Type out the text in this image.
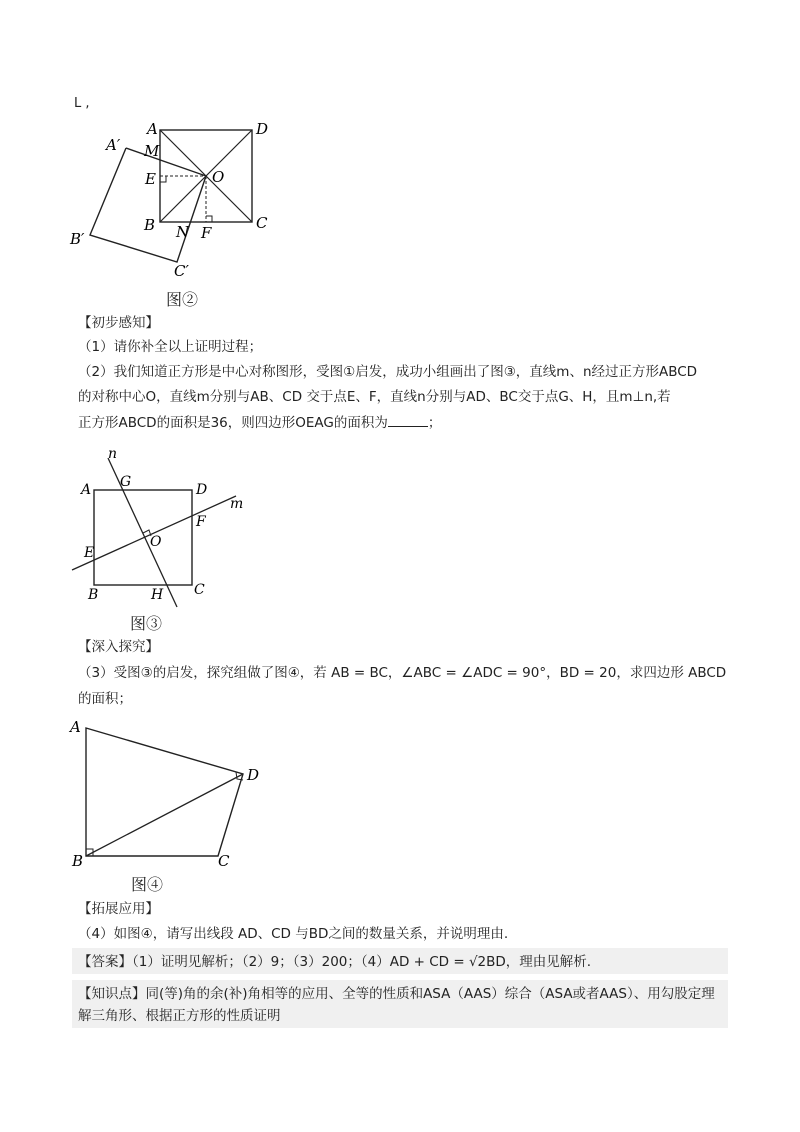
L ,
A	D
A′ M
E	O
B N F
C
B′
C′
图②
【初步感知】
（1）请你补全以上证明过程；
（2）我们知道正方形是中心对称图形，受图①启发，成功小组画出了图③，直线m、n经过正方形ABCD
的对称中心O，直线m分别与AB、CD 交于点E、F，直线n分别与AD、BC交于点G、H，且m⊥n,若
正方形ABCD的面积是36，则四边形OEAG的面积为	；
n
A G	D
m
F
O
E
B	H C
图③
【深入探究】
（3）受图③的启发，探究组做了图④，若 AB = BC，∠ABC = ∠ADC = 90°，BD = 20，求四边形 ABCD
的面积；
A
D
B	C
图④
【拓展应用】
（4）如图④，请写出线段 AD、CD 与BD之间的数量关系，并说明理由.
【答案】（1）证明见解析；（2）9；（3）200；（4）AD + CD = √2BD，理由见解析.
【知识点】同(等)角的余(补)角相等的应用、全等的性质和ASA（AAS）综合（ASA或者AAS）、用勾股定理
解三角形、根据正方形的性质证明
